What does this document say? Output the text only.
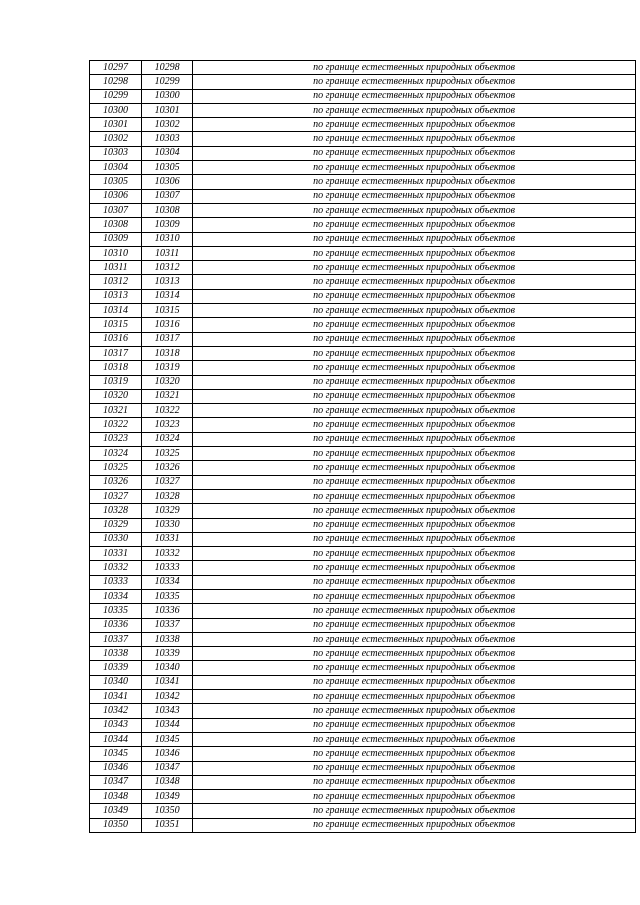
10297	10298	по границе естественных природных объектов
10298	10299	по границе естественных природных объектов
10299	10300	по границе естественных природных объектов
10300	10301	по границе естественных природных объектов
10301	10302	по границе естественных природных объектов
10302	10303	по границе естественных природных объектов
10303	10304	по границе естественных природных объектов
10304	10305	по границе естественных природных объектов
10305	10306	по границе естественных природных объектов
10306	10307	по границе естественных природных объектов
10307	10308	по границе естественных природных объектов
10308	10309	по границе естественных природных объектов
10309	10310	по границе естественных природных объектов
10310	10311	по границе естественных природных объектов
10311	10312	по границе естественных природных объектов
10312	10313	по границе естественных природных объектов
10313	10314	по границе естественных природных объектов
10314	10315	по границе естественных природных объектов
10315	10316	по границе естественных природных объектов
10316	10317	по границе естественных природных объектов
10317	10318	по границе естественных природных объектов
10318	10319	по границе естественных природных объектов
10319	10320	по границе естественных природных объектов
10320	10321	по границе естественных природных объектов
10321	10322	по границе естественных природных объектов
10322	10323	по границе естественных природных объектов
10323	10324	по границе естественных природных объектов
10324	10325	по границе естественных природных объектов
10325	10326	по границе естественных природных объектов
10326	10327	по границе естественных природных объектов
10327	10328	по границе естественных природных объектов
10328	10329	по границе естественных природных объектов
10329	10330	по границе естественных природных объектов
10330	10331	по границе естественных природных объектов
10331	10332	по границе естественных природных объектов
10332	10333	по границе естественных природных объектов
10333	10334	по границе естественных природных объектов
10334	10335	по границе естественных природных объектов
10335	10336	по границе естественных природных объектов
10336	10337	по границе естественных природных объектов
10337	10338	по границе естественных природных объектов
10338	10339	по границе естественных природных объектов
10339	10340	по границе естественных природных объектов
10340	10341	по границе естественных природных объектов
10341	10342	по границе естественных природных объектов
10342	10343	по границе естественных природных объектов
10343	10344	по границе естественных природных объектов
10344	10345	по границе естественных природных объектов
10345	10346	по границе естественных природных объектов
10346	10347	по границе естественных природных объектов
10347	10348	по границе естественных природных объектов
10348	10349	по границе естественных природных объектов
10349	10350	по границе естественных природных объектов
10350	10351	по границе естественных природных объектов
